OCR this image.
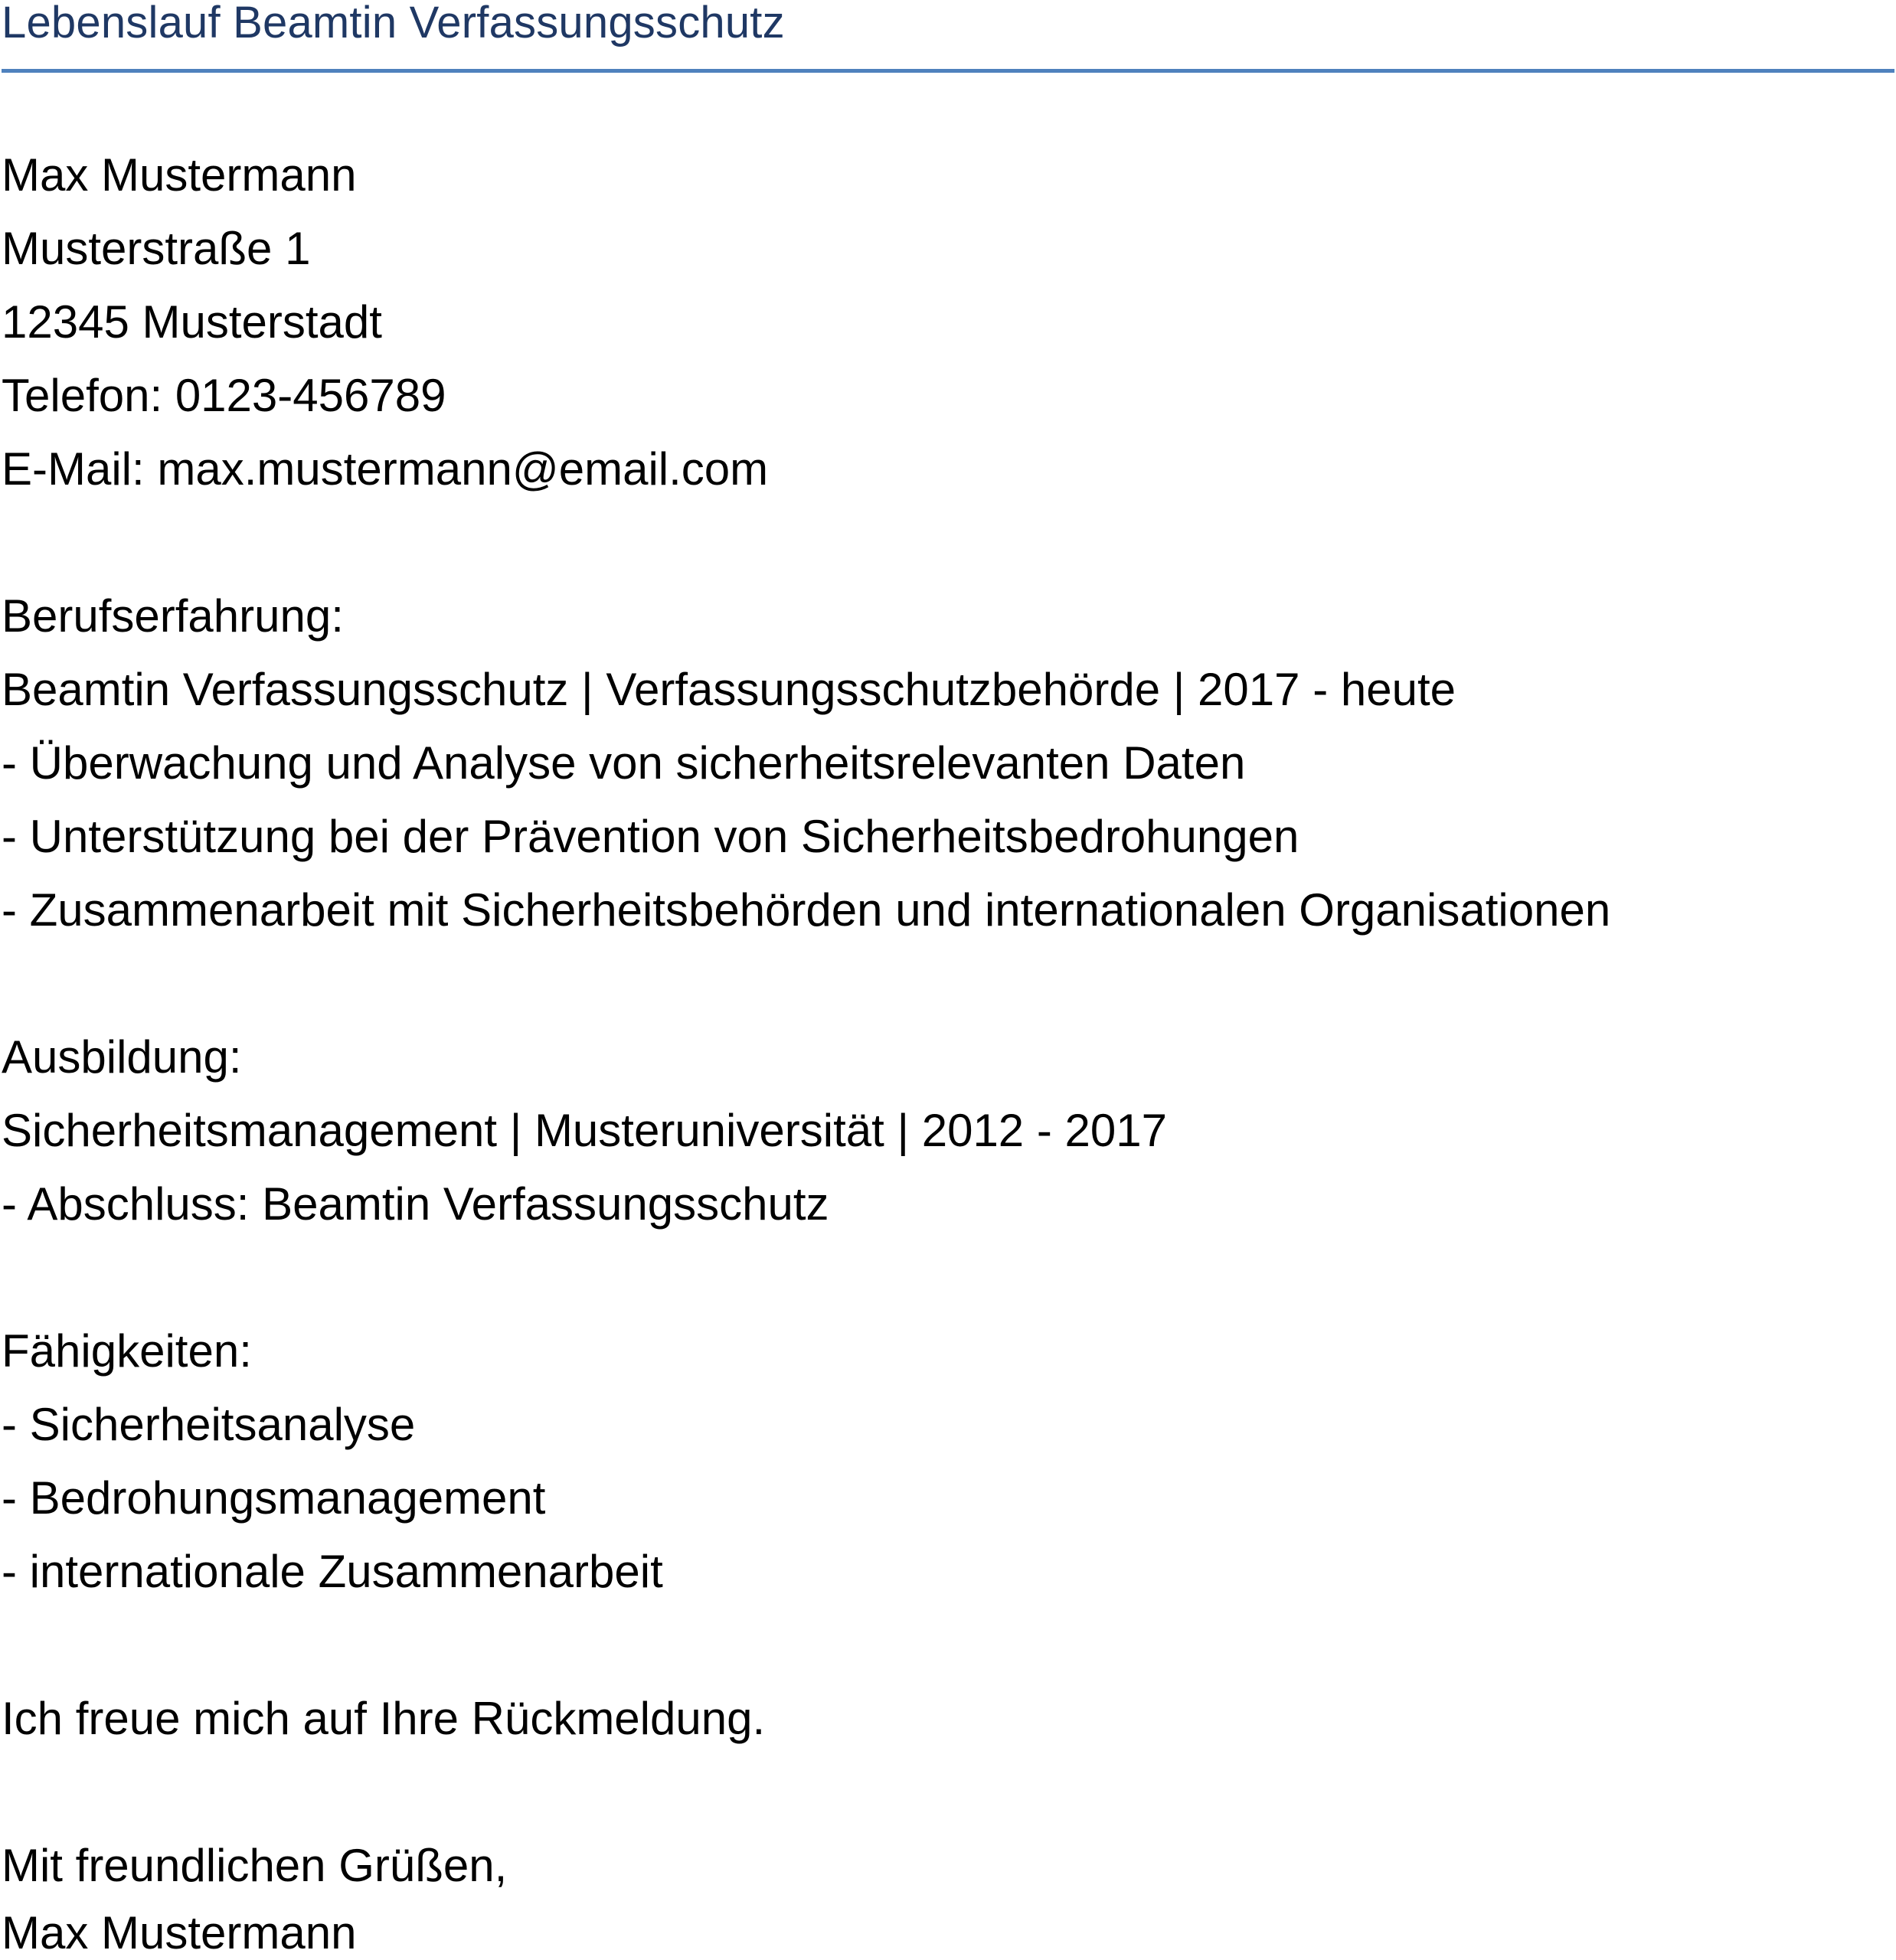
Lebenslauf Beamtin Verfassungsschutz
Max Mustermann
Musterstraße 1
12345 Musterstadt
Telefon: 0123-456789
E-Mail: max.mustermann@email.com
Berufserfahrung:
Beamtin Verfassungsschutz | Verfassungsschutzbehörde | 2017 - heute
- Überwachung und Analyse von sicherheitsrelevanten Daten
- Unterstützung bei der Prävention von Sicherheitsbedrohungen
- Zusammenarbeit mit Sicherheitsbehörden und internationalen Organisationen
Ausbildung:
Sicherheitsmanagement | Musteruniversität | 2012 - 2017
- Abschluss: Beamtin Verfassungsschutz
Fähigkeiten:
- Sicherheitsanalyse
- Bedrohungsmanagement
- internationale Zusammenarbeit
Ich freue mich auf Ihre Rückmeldung.
Mit freundlichen Grüßen,
Max Mustermann
